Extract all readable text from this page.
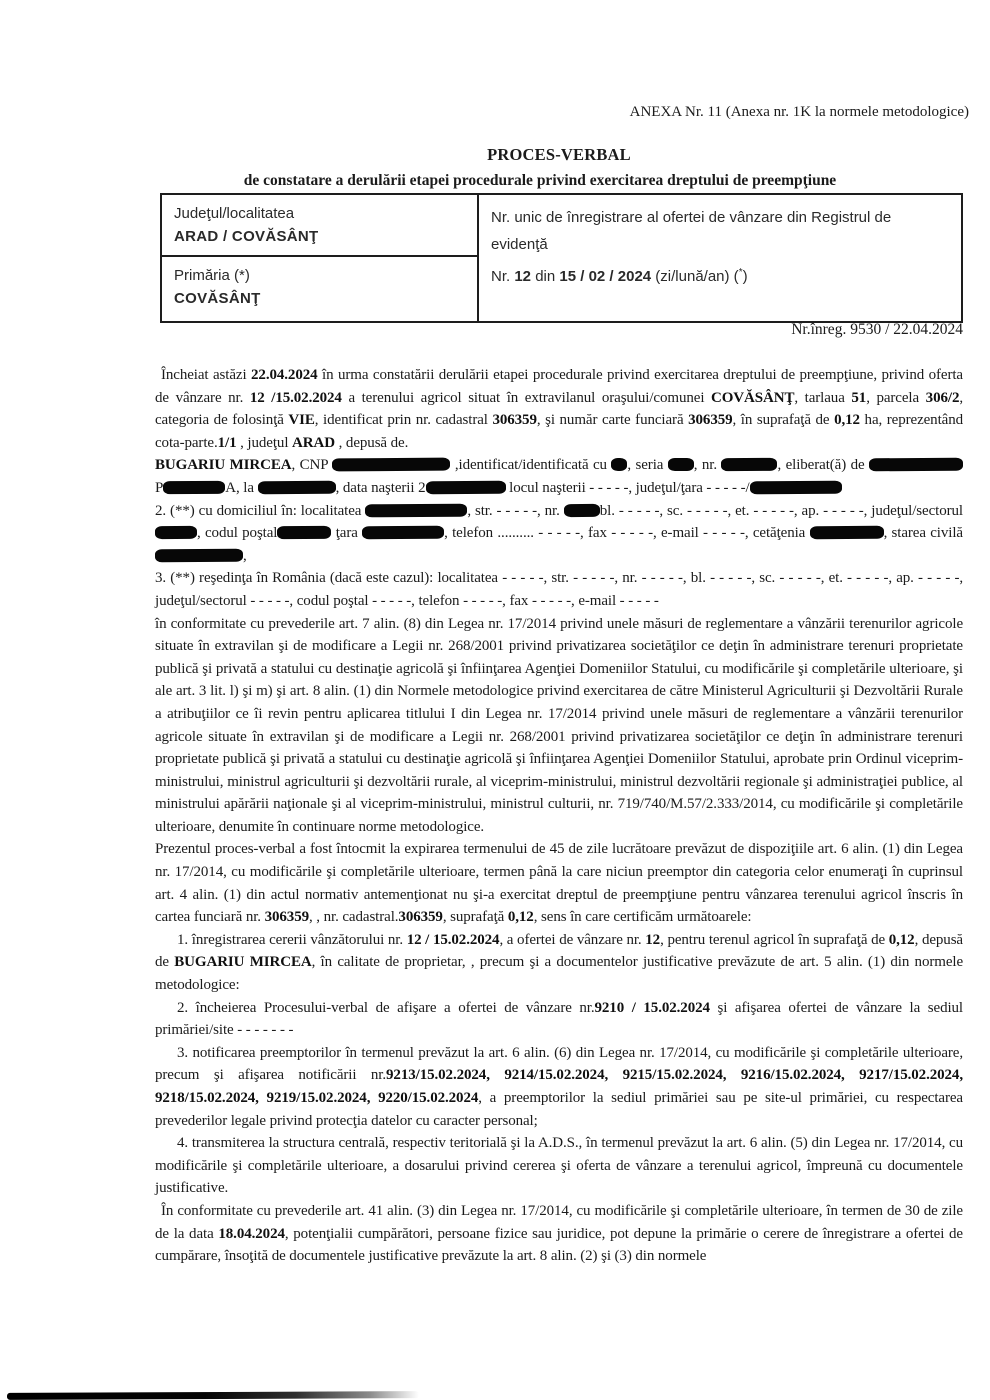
ANEXA Nr. 11 (Anexa nr. 1K la normele metodologice)
PROCES-VERBAL
de constatare a derulării etapei procedurale privind exercitarea dreptului de preempţiune
Judeţul/localitatea
ARAD / COVĂSÂNŢ

Nr. unic de înregistrare al ofertei de vânzare din Registrul de evidenţă
Nr. 12 din 15 / 02 / 2024 (zi/lună/an) (*)

Primăria (*)
COVĂSÂNŢ
Nr.înreg. 9530 / 22.04.2024

Încheiat astăzi 22.04.2024 în urma constatării derulării etapei procedurale privind exercitarea dreptului de preempţiune, privind oferta de vânzare nr. 12 /15.02.2024 a terenului agricol situat în extravilanul oraşului/comunei COVĂSÂNŢ, tarlaua 51, parcela 306/2, categoria de folosinţă VIE, identificat prin nr. cadastral 306359, şi număr carte funciară 306359, în suprafaţă de 0,12 ha, reprezentând cota-parte.1/1 , judeţul ARAD , depusă de.

BUGARIU MIRCEA, CNP	,identificat/identificată cu , seria , nr.	, eliberat(ă) de  P	A, la	, data naşterii 2	locul naşterii - - - - -, judeţul/ţara - - - - -/

2. (**) cu domiciliul în: localitatea	, str. - - - - -, nr. bl. - - - - -, sc. - - - - -, et. - - - - -, ap. - - - - -, judeţul/sectorul , codul poştal	ţara	, telefon .......... - - - - -, fax - - - - -, e-mail - - - - -, cetăţenia	, starea civilă ,

3. (**) reşedinţa în România (dacă este cazul): localitatea - - - - -, str. - - - - -, nr. - - - - -, bl. - - - - -, sc. - - - - -, et. - - - - -, ap. - - - - -, judeţul/sectorul - - - - -, codul poştal - - - - -, telefon - - - - -, fax - - - - -, e-mail - - - - -

în conformitate cu prevederile art. 7 alin. (8) din Legea nr. 17/2014 privind unele măsuri de reglementare a vânzării terenurilor agricole situate în extravilan şi de modificare a Legii nr. 268/2001 privind privatizarea societăţilor ce deţin în administrare terenuri proprietate publică şi privată a statului cu destinaţie agricolă şi înfiinţarea Agenţiei Domeniilor Statului, cu modificările şi completările ulterioare, şi ale art. 3 lit. l) şi m) şi art. 8 alin. (1) din Normele metodologice privind exercitarea de către Ministerul Agriculturii şi Dezvoltării Rurale a atribuţiilor ce îi revin pentru aplicarea titlului I din Legea nr. 17/2014 privind unele măsuri de reglementare a vânzării terenurilor agricole situate în extravilan şi de modificare a Legii nr. 268/2001 privind privatizarea societăţilor ce deţin în administrare terenuri proprietate publică şi privată a statului cu destinaţie agricolă şi înfiinţarea Agenţiei Domeniilor Statului, aprobate prin Ordinul viceprim-ministrului, ministrul agriculturii şi dezvoltării rurale, al viceprim-ministrului, ministrul dezvoltării regionale şi administraţiei publice, al ministrului apărării naţionale şi al viceprim-ministrului, ministrul culturii, nr. 719/740/M.57/2.333/2014, cu modificările şi completările ulterioare, denumite în continuare norme metodologice.

Prezentul proces-verbal a fost întocmit la expirarea termenului de 45 de zile lucrătoare prevăzut de dispoziţiile art. 6 alin. (1) din Legea nr. 17/2014, cu modificările şi completările ulterioare, termen până la care niciun preemptor din categoria celor enumeraţi în cuprinsul art. 4 alin. (1) din actul normativ antemenţionat nu şi-a exercitat dreptul de preempţiune pentru vânzarea terenului agricol înscris în cartea funciară nr. 306359, , nr. cadastral.306359, suprafaţă 0,12, sens în care certificăm următoarele:

1. înregistrarea cererii vânzătorului nr. 12 / 15.02.2024, a ofertei de vânzare nr. 12, pentru terenul agricol în suprafaţă de 0,12, depusă de BUGARIU MIRCEA, în calitate de proprietar, , precum şi a documentelor justificative prevăzute de art. 5 alin. (1) din normele metodologice:

2. încheierea Procesului-verbal de afişare a ofertei de vânzare nr.9210 / 15.02.2024 şi afişarea ofertei de vânzare la sediul primăriei/site - - - - - - -

3. notificarea preemptorilor în termenul prevăzut la art. 6 alin. (6) din Legea nr. 17/2014, cu modificările şi completările ulterioare, precum şi afişarea notificării nr.9213/15.02.2024, 9214/15.02.2024, 9215/15.02.2024, 9216/15.02.2024, 9217/15.02.2024, 9218/15.02.2024, 9219/15.02.2024, 9220/15.02.2024, a preemptorilor la sediul primăriei sau pe site-ul primăriei, cu respectarea prevederilor legale privind protecţia datelor cu caracter personal;

4. transmiterea la structura centrală, respectiv teritorială şi la A.D.S., în termenul prevăzut la art. 6 alin. (5) din Legea nr. 17/2014, cu modificările şi completările ulterioare, a dosarului privind cererea şi oferta de vânzare a terenului agricol, împreună cu documentele justificative.

În conformitate cu prevederile art. 41 alin. (3) din Legea nr. 17/2014, cu modificările şi completările ulterioare, în termen de 30 de zile de la data 18.04.2024, potenţialii cumpărători, persoane fizice sau juridice, pot depune la primărie o cerere de înregistrare a ofertei de cumpărare, însoţită de documentele justificative prevăzute la art. 8 alin. (2) şi (3) din normele
